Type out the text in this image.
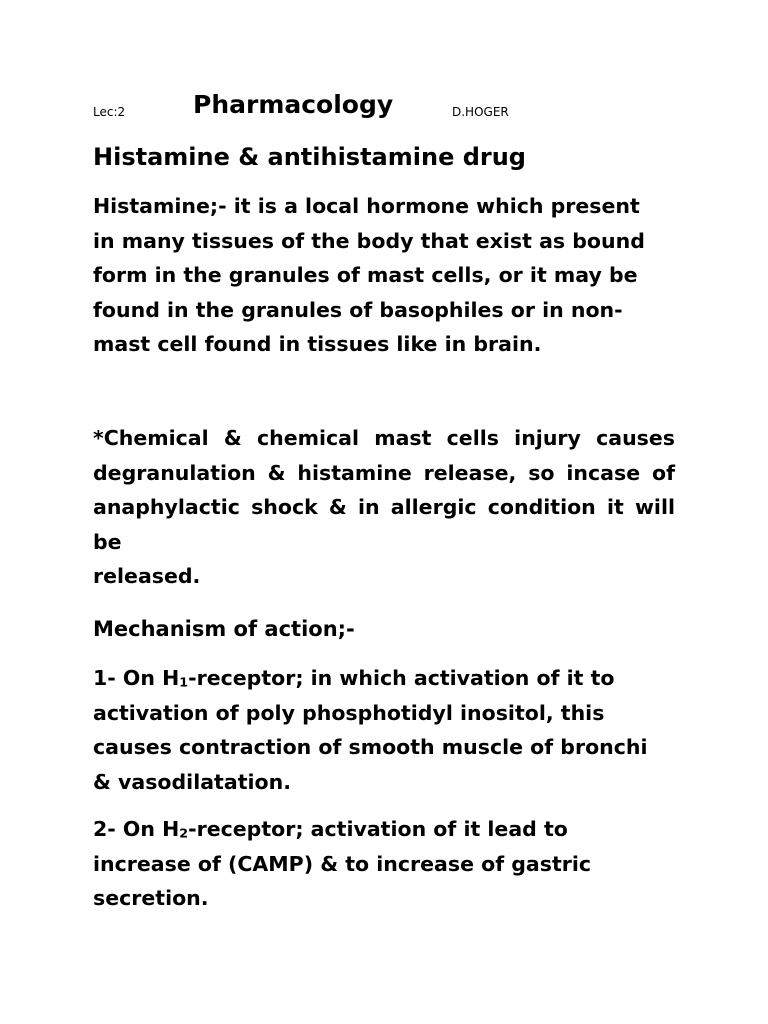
Lec:2	Pharmacology	D.HOGER
Histamine & antihistamine drug
Histamine;- it is a local hormone which present
in many tissues of the body that exist as bound
form in the granules of mast cells, or it may be
found in the granules of basophiles or in non-
mast cell found in tissues like in brain.
*Chemical & chemical mast cells injury causes
degranulation & histamine release, so incase of
anaphylactic shock & in allergic condition it will be
released.
Mechanism of action;-
1- On $H_1$-receptor; in which activation of it to
activation of poly phosphotidyl inositol, this
causes contraction of smooth muscle of bronchi
& vasodilatation.
2- On $H_2$-receptor; activation of it lead to
increase of (CAMP) & to increase of gastric
secretion.
